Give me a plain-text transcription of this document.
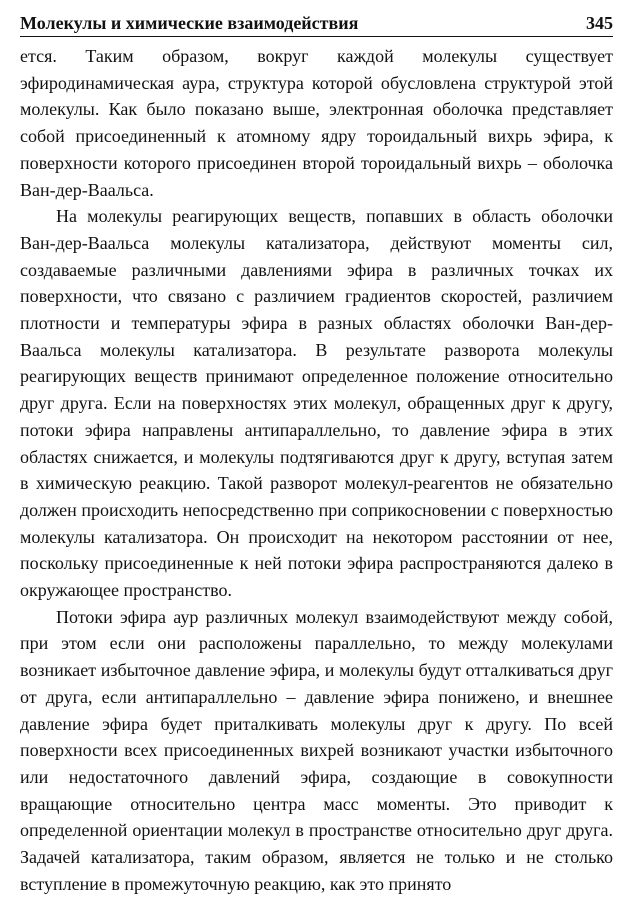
Молекулы и химические взаимодействия	345

ется. Таким образом, вокруг каждой молекулы существует эфиродинамическая аура, структура которой обусловлена структурой этой молекулы. Как было показано выше, электронная оболочка представляет собой присоединенный к атомному ядру тороидальный вихрь эфира, к поверхности которого присоединен второй тороидальный вихрь – оболочка Ван-дер-Ваальса.

На молекулы реагирующих веществ, попавших в область оболочки Ван-дер-Ваальса молекулы катализатора, действуют моменты сил, создаваемые различными давлениями эфира в различных точках их поверхности, что связано с различием градиентов скоростей, различием плотности и температуры эфира в разных областях оболочки Ван-дер-Ваальса молекулы катализатора. В результате разворота молекулы реагирующих веществ принимают определенное положение относительно друг друга. Если на поверхностях этих молекул, обращенных друг к другу, потоки эфира направлены антипараллельно, то давление эфира в этих областях снижается, и молекулы подтягиваются друг к другу, вступая затем в химическую реакцию. Такой разворот молекул-реагентов не обязательно должен происходить непосредственно при соприкосновении с поверхностью молекулы катализатора. Он происходит на некотором расстоянии от нее, поскольку присоединенные к ней потоки эфира распространяются далеко в окружающее пространство.

Потоки эфира аур различных молекул взаимодействуют между собой, при этом если они расположены параллельно, то между молекулами возникает избыточное давление эфира, и молекулы будут отталкиваться друг от друга, если антипараллельно – давление эфира понижено, и внешнее давление эфира будет приталкивать молекулы друг к другу. По всей поверхности всех присоединенных вихрей возникают участки избыточного или недостаточного давлений эфира, создающие в совокупности вращающие относительно центра масс моменты. Это приводит к определенной ориентации молекул в пространстве относительно друг друга. Задачей катализатора, таким образом, является не только и не столько вступление в промежуточную реакцию, как это принято
